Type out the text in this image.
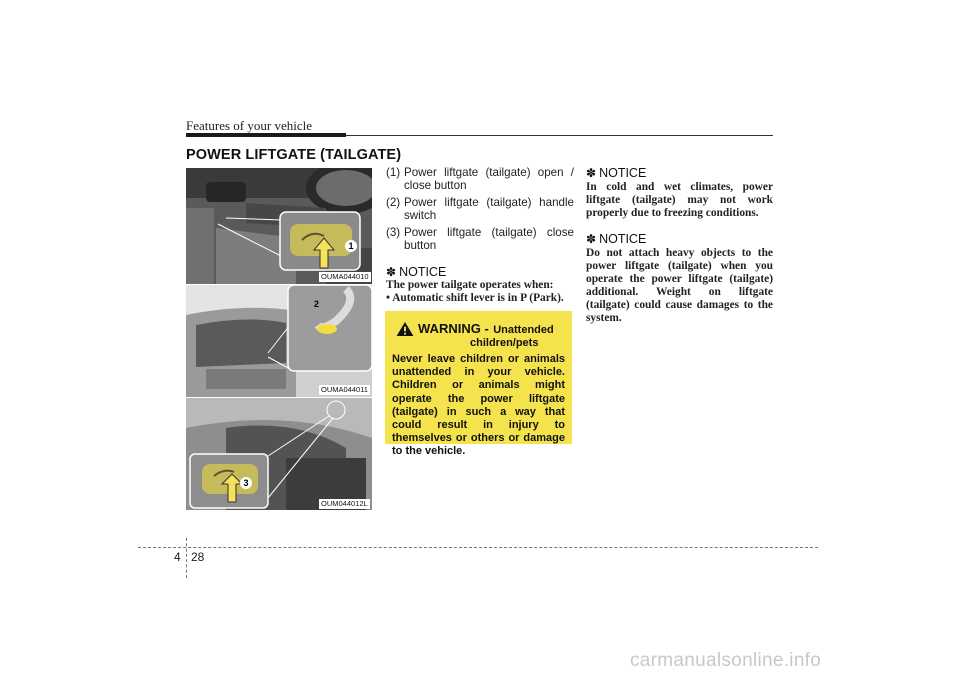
Features of your vehicle
POWER LIFTGATE (TAILGATE)
1
OUMA044010
2
OUMA044011
3
OUM044012L
(1) Power liftgate (tailgate) open / close button
(2) Power liftgate (tailgate) handle switch
(3) Power liftgate (tailgate) close button
✽ NOTICE
The power tailgate operates when:
• Automatic shift lever is in P (Park).
WARNING - Unattended
children/pets
Never leave children or animals unattended in your vehicle. Children or animals might operate the power liftgate (tailgate) in such a way that could result in injury to themselves or others or damage to the vehicle.
✽ NOTICE
In cold and wet climates, power liftgate (tailgate) may not work properly due to freezing conditions.
✽ NOTICE
Do not attach heavy objects to the power liftgate (tailgate) when you operate the power liftgate (tailgate) additional. Weight on liftgate (tailgate) could cause damages to the system.
4 28
carmanualsonline.info
